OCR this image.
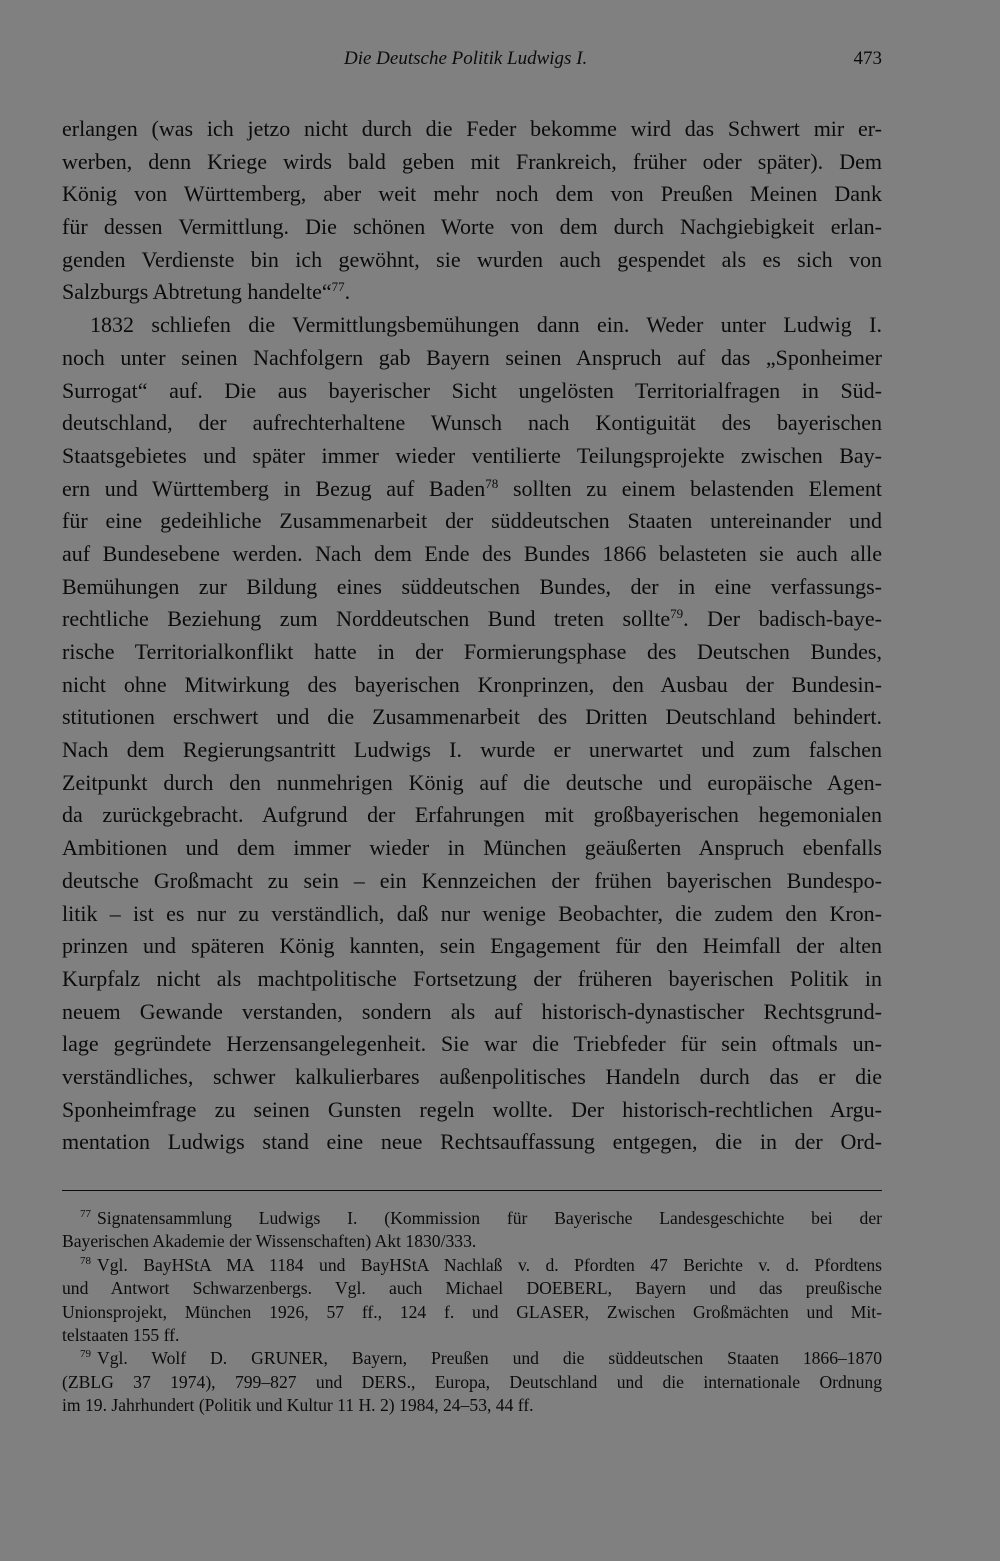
Die Deutsche Politik Ludwigs I.	473
erlangen (was ich jetzo nicht durch die Feder bekomme wird das Schwert mir er-
werben, denn Kriege wirds bald geben mit Frankreich, früher oder später). Dem
König von Württemberg, aber weit mehr noch dem von Preußen Meinen Dank
für dessen Vermittlung. Die schönen Worte von dem durch Nachgiebigkeit erlan-
genden Verdienste bin ich gewöhnt, sie wurden auch gespendet als es sich von
Salzburgs Abtretung handelte“$^{77}$.
1832 schliefen die Vermittlungsbemühungen dann ein. Weder unter Ludwig I.
noch unter seinen Nachfolgern gab Bayern seinen Anspruch auf das „Sponheimer
Surrogat“ auf. Die aus bayerischer Sicht ungelösten Territorialfragen in Süd-
deutschland, der aufrechterhaltene Wunsch nach Kontiguität des bayerischen
Staatsgebietes und später immer wieder ventilierte Teilungsprojekte zwischen Bay-
ern und Württemberg in Bezug auf Baden$^{78}$ sollten zu einem belastenden Element
für eine gedeihliche Zusammenarbeit der süddeutschen Staaten untereinander und
auf Bundesebene werden. Nach dem Ende des Bundes 1866 belasteten sie auch alle
Bemühungen zur Bildung eines süddeutschen Bundes, der in eine verfassungs-
rechtliche Beziehung zum Norddeutschen Bund treten sollte$^{79}$. Der badisch-baye-
rische Territorialkonflikt hatte in der Formierungsphase des Deutschen Bundes,
nicht ohne Mitwirkung des bayerischen Kronprinzen, den Ausbau der Bundesin-
stitutionen erschwert und die Zusammenarbeit des Dritten Deutschland behindert.
Nach dem Regierungsantritt Ludwigs I. wurde er unerwartet und zum falschen
Zeitpunkt durch den nunmehrigen König auf die deutsche und europäische Agen-
da zurückgebracht. Aufgrund der Erfahrungen mit großbayerischen hegemonialen
Ambitionen und dem immer wieder in München geäußerten Anspruch ebenfalls
deutsche Großmacht zu sein – ein Kennzeichen der frühen bayerischen Bundespo-
litik – ist es nur zu verständlich, daß nur wenige Beobachter, die zudem den Kron-
prinzen und späteren König kannten, sein Engagement für den Heimfall der alten
Kurpfalz nicht als machtpolitische Fortsetzung der früheren bayerischen Politik in
neuem Gewande verstanden, sondern als auf historisch-dynastischer Rechtsgrund-
lage gegründete Herzensangelegenheit. Sie war die Triebfeder für sein oftmals un-
verständliches, schwer kalkulierbares außenpolitisches Handeln durch das er die
Sponheimfrage zu seinen Gunsten regeln wollte. Der historisch-rechtlichen Argu-
mentation Ludwigs stand eine neue Rechtsauffassung entgegen, die in der Ord-
$^{77}$ Signatensammlung Ludwigs I. (Kommission für Bayerische Landesgeschichte bei der
Bayerischen Akademie der Wissenschaften) Akt 1830/333.
$^{78}$ Vgl. BayHStA MA 1184 und BayHStA Nachlaß v. d. Pfordten 47 Berichte v. d. Pfordtens
und Antwort Schwarzenbergs. Vgl. auch Michael DOEBERL, Bayern und das preußische
Unionsprojekt, München 1926, 57 ff., 124 f. und GLASER, Zwischen Großmächten und Mit-
telstaaten 155 ff.
$^{79}$ Vgl. Wolf D. GRUNER, Bayern, Preußen und die süddeutschen Staaten 1866–1870
(ZBLG 37 1974), 799–827 und DERS., Europa, Deutschland und die internationale Ordnung
im 19. Jahrhundert (Politik und Kultur 11 H. 2) 1984, 24–53, 44 ff.
